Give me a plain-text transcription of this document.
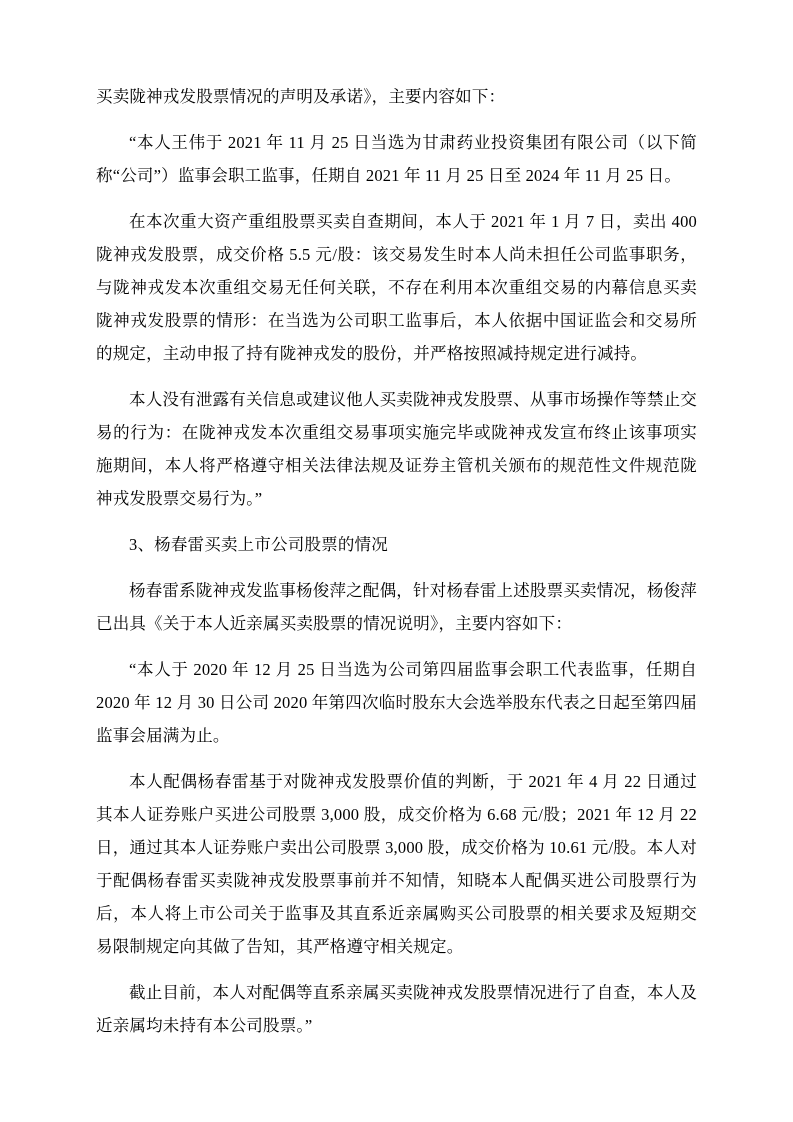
买卖陇神戎发股票情况的声明及承诺》，主要内容如下：

“本人王伟于 2021 年 11 月 25 日当选为甘肃药业投资集团有限公司（以下简称“公司”）监事会职工监事，任期自 2021 年 11 月 25 日至 2024 年 11 月 25 日。

在本次重大资产重组股票买卖自查期间，本人于 2021 年 1 月 7 日，卖出 400 陇神戎发股票，成交价格 5.5 元/股：该交易发生时本人尚未担任公司监事职务，与陇神戎发本次重组交易无任何关联，不存在利用本次重组交易的内幕信息买卖陇神戎发股票的情形：在当选为公司职工监事后，本人依据中国证监会和交易所的规定，主动申报了持有陇神戎发的股份，并严格按照减持规定进行减持。

本人没有泄露有关信息或建议他人买卖陇神戎发股票、从事市场操作等禁止交易的行为：在陇神戎发本次重组交易事项实施完毕或陇神戎发宣布终止该事项实施期间，本人将严格遵守相关法律法规及证券主管机关颁布的规范性文件规范陇神戎发股票交易行为。”

3、杨春雷买卖上市公司股票的情况

杨春雷系陇神戎发监事杨俊萍之配偶，针对杨春雷上述股票买卖情况，杨俊萍已出具《关于本人近亲属买卖股票的情况说明》，主要内容如下：

“本人于 2020 年 12 月 25 日当选为公司第四届监事会职工代表监事，任期自 2020 年 12 月 30 日公司 2020 年第四次临时股东大会选举股东代表之日起至第四届监事会届满为止。

本人配偶杨春雷基于对陇神戎发股票价值的判断，于 2021 年 4 月 22 日通过其本人证券账户买进公司股票 3,000 股，成交价格为 6.68 元/股；2021 年 12 月 22 日，通过其本人证券账户卖出公司股票 3,000 股，成交价格为 10.61 元/股。本人对于配偶杨春雷买卖陇神戎发股票事前并不知情，知晓本人配偶买进公司股票行为后，本人将上市公司关于监事及其直系近亲属购买公司股票的相关要求及短期交易限制规定向其做了告知，其严格遵守相关规定。

截止目前，本人对配偶等直系亲属买卖陇神戎发股票情况进行了自查，本人及近亲属均未持有本公司股票。”
